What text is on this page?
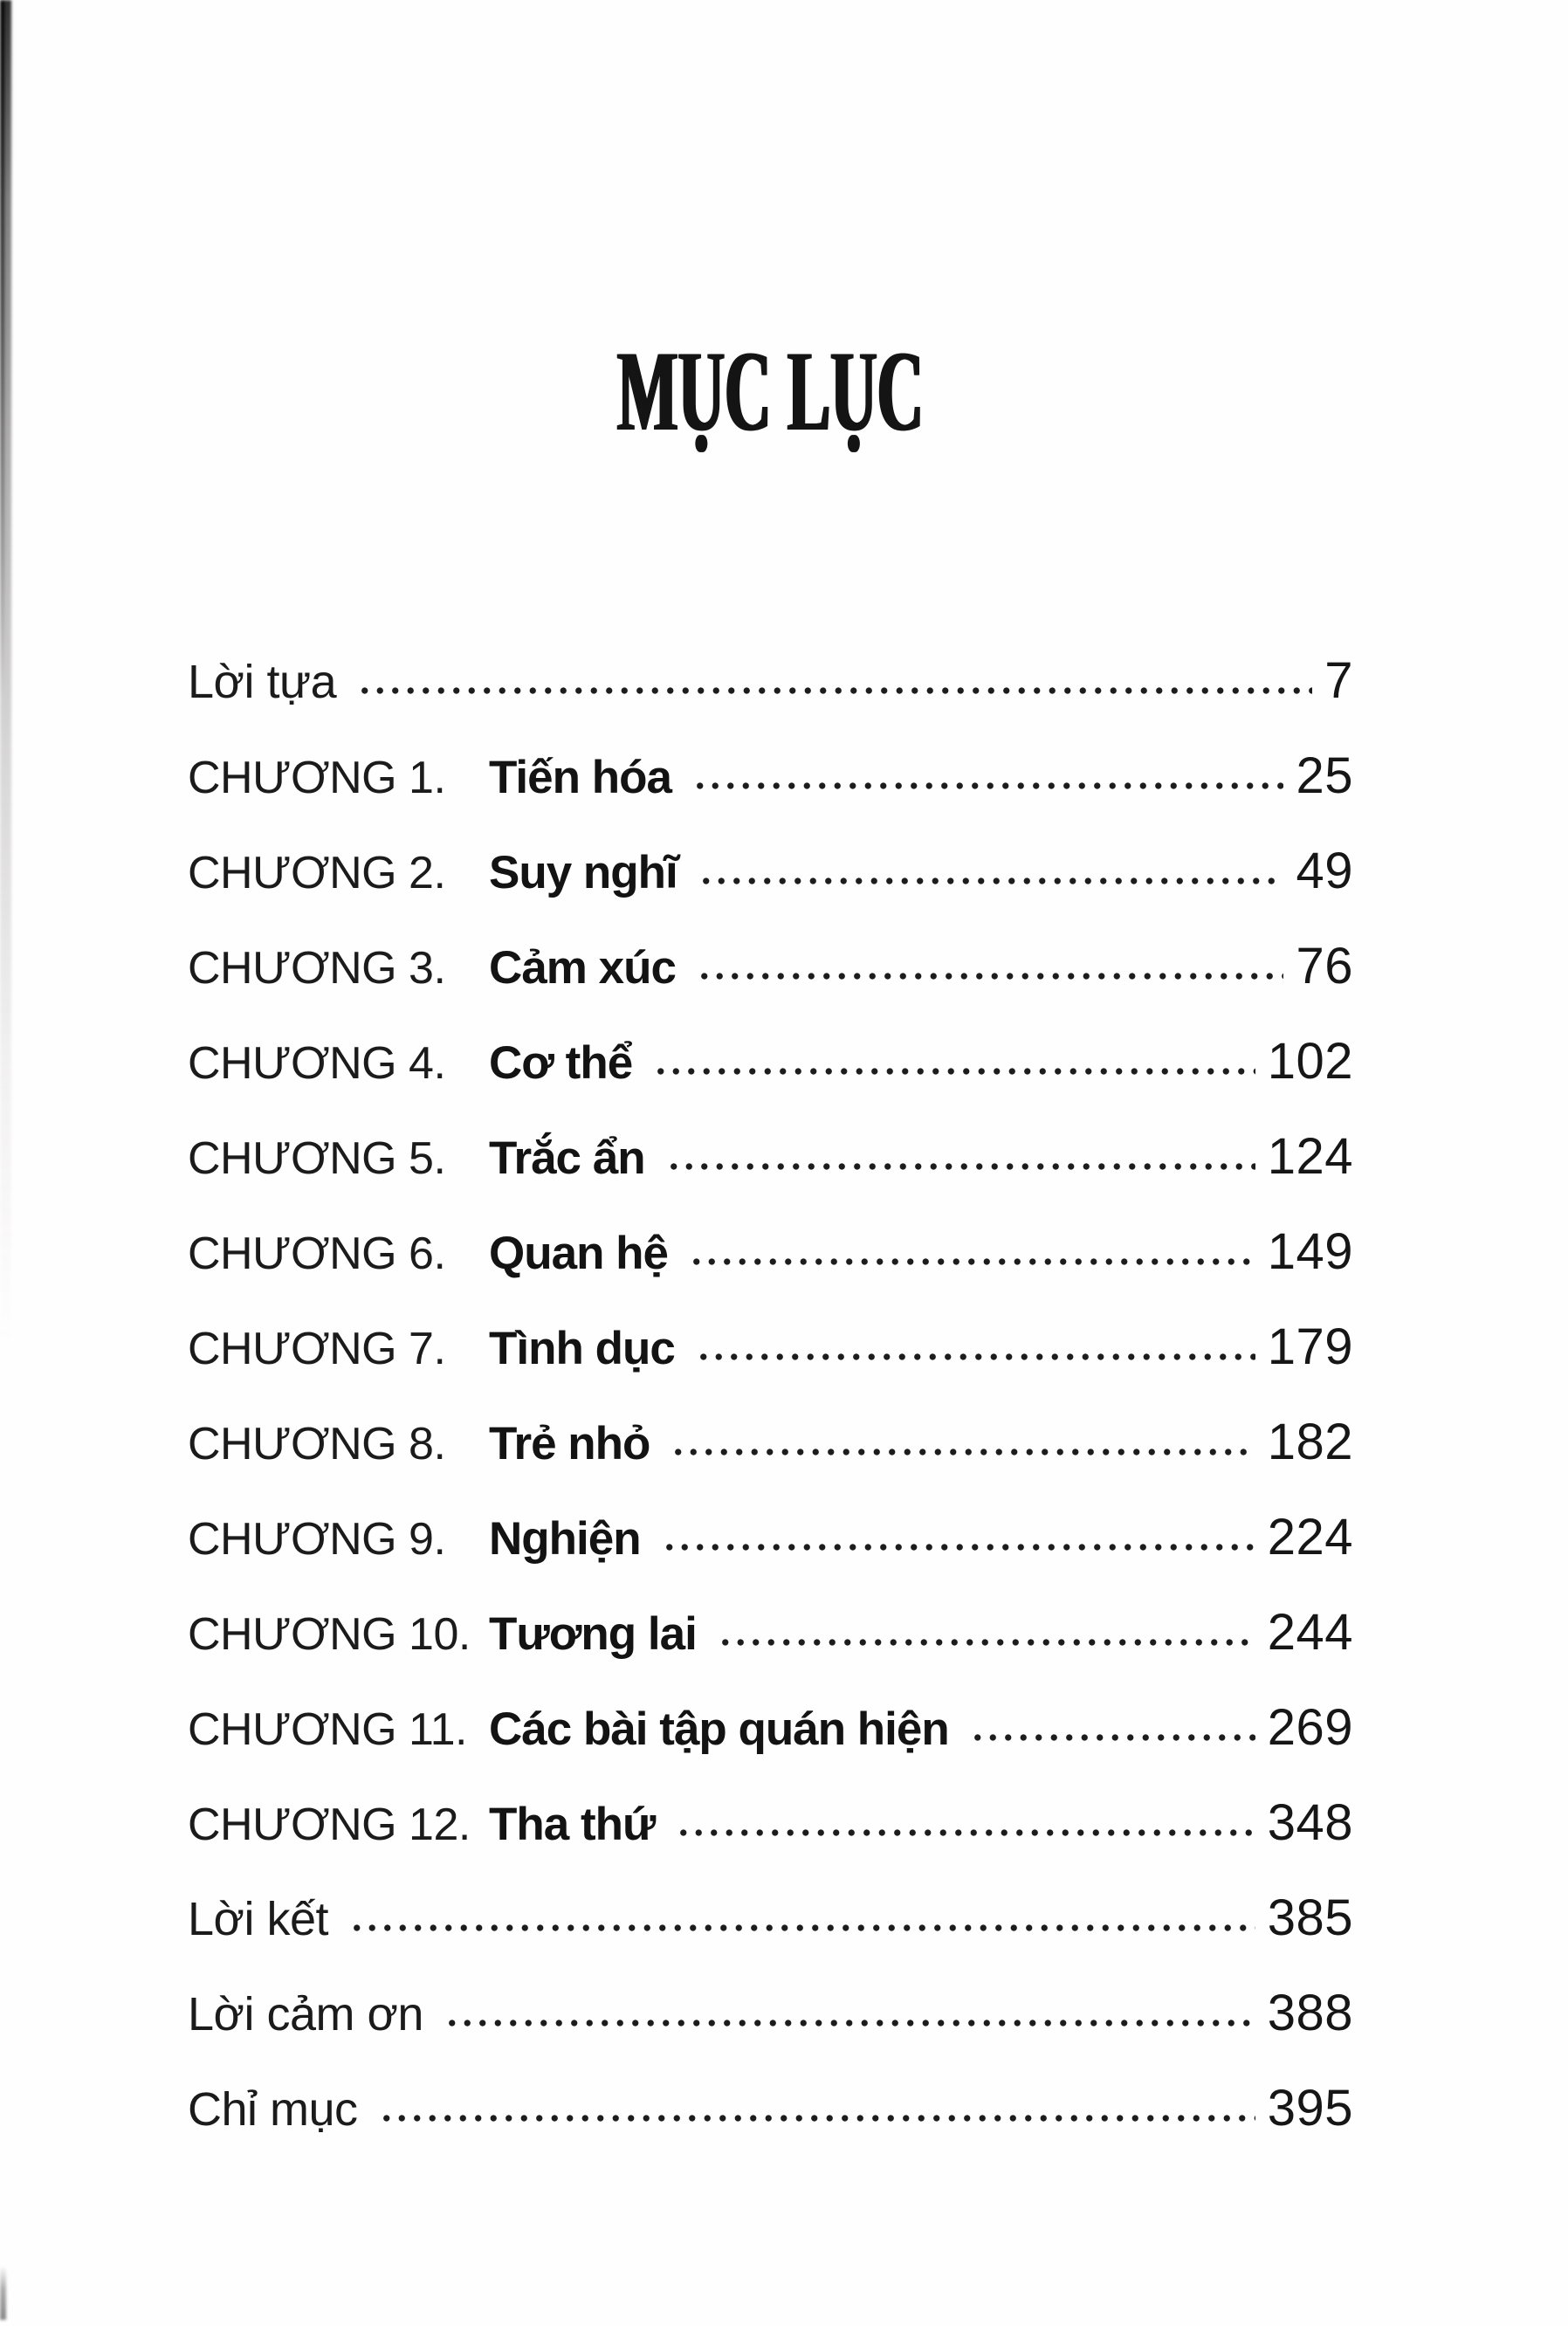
MỤC LỤC
Lời tựa	7
CHƯƠNG 1. Tiến hóa	25
CHƯƠNG 2. Suy nghĩ	49
CHƯƠNG 3. Cảm xúc	76
CHƯƠNG 4. Cơ thể	102
CHƯƠNG 5. Trắc ẩn	124
CHƯƠNG 6. Quan hệ	149
CHƯƠNG 7. Tình dục	179
CHƯƠNG 8. Trẻ nhỏ	182
CHƯƠNG 9. Nghiện	224
CHƯƠNG 10. Tương lai	244
CHƯƠNG 11. Các bài tập quán hiện	269
CHƯƠNG 12. Tha thứ	348
Lời kết	385
Lời cảm ơn	388
Chỉ mục	395
